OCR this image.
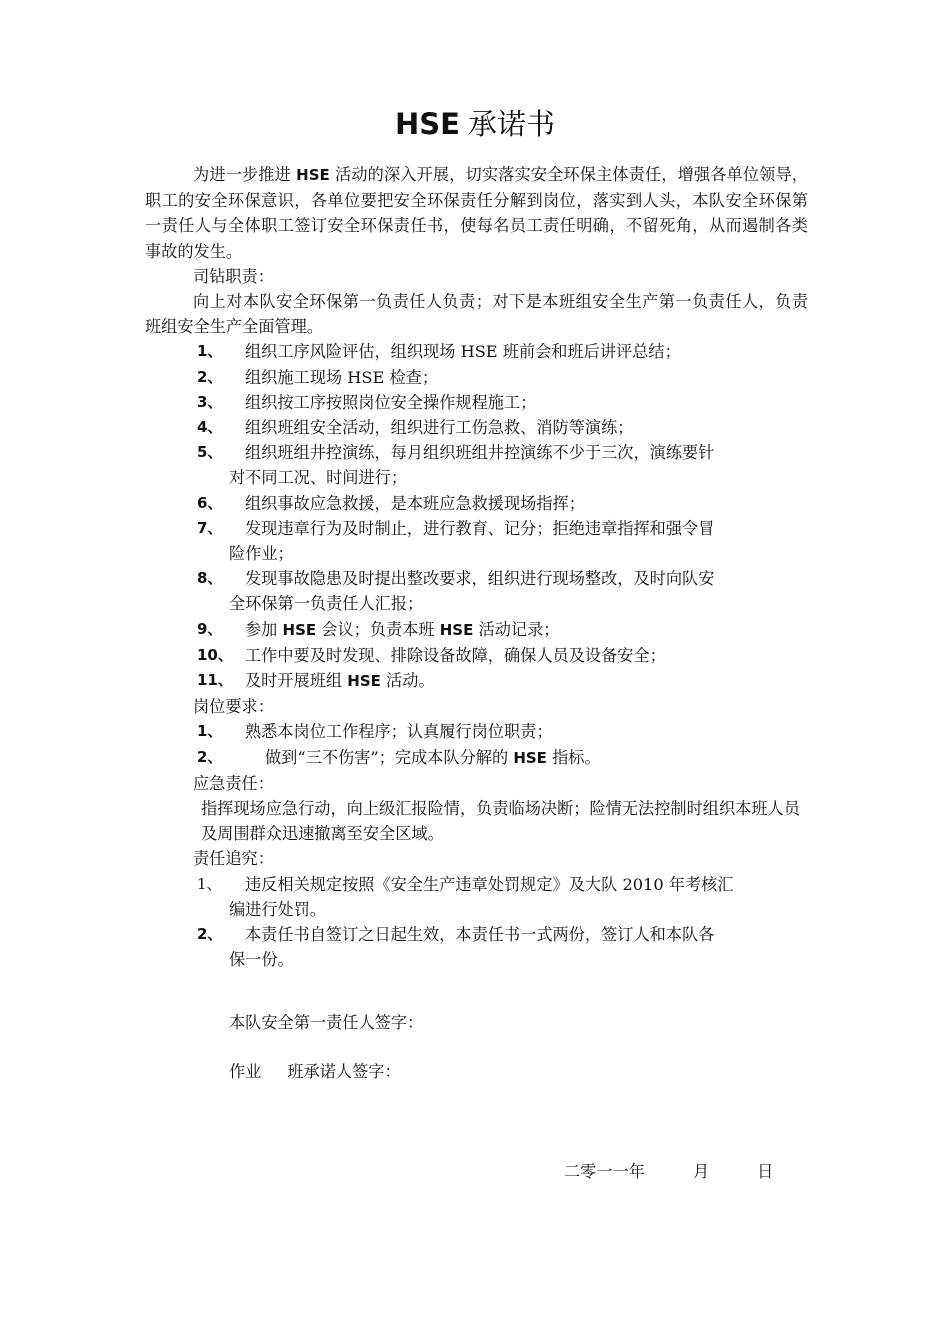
HSE 承诺书

为进一步推进 HSE 活动的深入开展，切实落实安全环保主体责任，增强各单位领导，职工的安全环保意识，各单位要把安全环保责任分解到岗位，落实到人头，本队安全环保第一责任人与全体职工签订安全环保责任书，使每名员工责任明确，不留死角，从而遏制各类事故的发生。

司钻职责：

向上对本队安全环保第一负责任人负责；对下是本班组安全生产第一负责任人，负责班组安全生产全面管理。

1、	组织工序风险评估，组织现场 HSE 班前会和班后讲评总结；

2、	组织施工现场 HSE 检查；

3、	组织按工序按照岗位安全操作规程施工；

4、	组织班组安全活动，组织进行工伤急救、消防等演练；

5、	组织班组井控演练，每月组织班组井控演练不少于三次，演练要针
对不同工况、时间进行；

6、	组织事故应急救援，是本班应急救援现场指挥；

7、	发现违章行为及时制止，进行教育、记分；拒绝违章指挥和强令冒
险作业；

8、	发现事故隐患及时提出整改要求，组织进行现场整改，及时向队安
全环保第一负责任人汇报；

9、	参加 HSE 会议；负责本班 HSE 活动记录；

10、 工作中要及时发现、排除设备故障，确保人员及设备安全；

11、 及时开展班组 HSE 活动。

岗位要求：

1、	熟悉本岗位工作程序；认真履行岗位职责；

2、	做到“三不伤害”；完成本队分解的 HSE 指标。

应急责任：

指挥现场应急行动，向上级汇报险情，负责临场决断；险情无法控制时组织本班人员及周围群众迅速撤离至安全区域。

责任追究：

1、	违反相关规定按照《安全生产违章处罚规定》及大队 2010 年考核汇
编进行处罚。

2、	本责任书自签订之日起生效，本责任书一式两份，签订人和本队各
保一份。

本队安全第一责任人签字：
作业 班承诺人签字：
二零一一年	月	日
